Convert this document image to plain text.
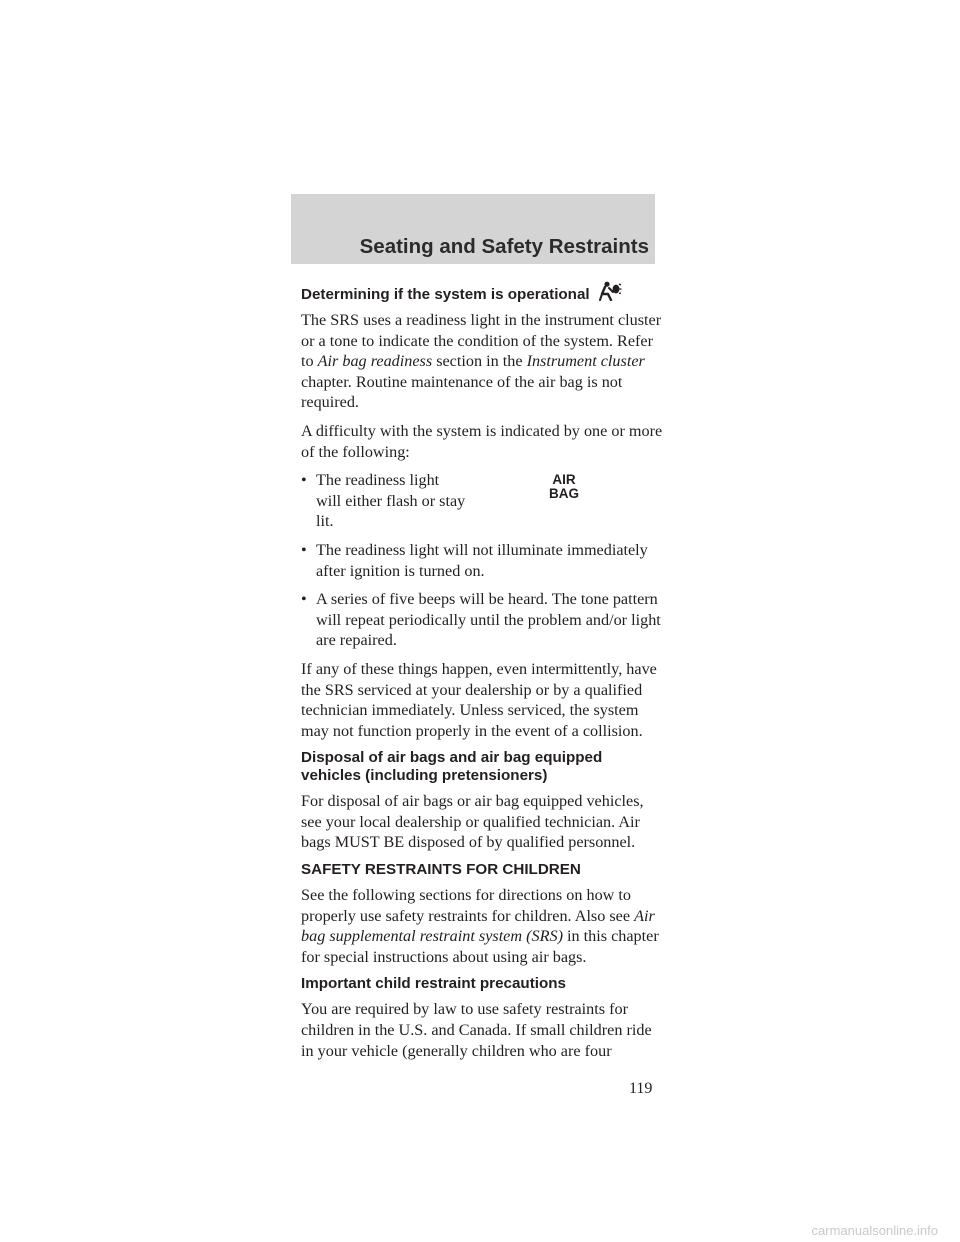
Seating and Safety Restraints
Determining if the system is operational

The SRS uses a readiness light in the instrument cluster or a tone to indicate the condition of the system. Refer to Air bag readiness section in the Instrument cluster chapter. Routine maintenance of the air bag is not required.

A difficulty with the system is indicated by one or more of the following:

AIR
BAG
• The readiness light will either flash or stay lit.
• The readiness light will not illuminate immediately after ignition is turned on.
• A series of five beeps will be heard. The tone pattern will repeat periodically until the problem and/or light are repaired.

If any of these things happen, even intermittently, have the SRS serviced at your dealership or by a qualified technician immediately. Unless serviced, the system may not function properly in the event of a collision.

Disposal of air bags and air bag equipped vehicles (including pretensioners)

For disposal of air bags or air bag equipped vehicles, see your local dealership or qualified technician. Air bags MUST BE disposed of by qualified personnel.

SAFETY RESTRAINTS FOR CHILDREN

See the following sections for directions on how to properly use safety restraints for children. Also see Air bag supplemental restraint system (SRS) in this chapter for special instructions about using air bags.

Important child restraint precautions

You are required by law to use safety restraints for children in the U.S. and Canada. If small children ride in your vehicle (generally children who are four

119
carmanualsonline.info
